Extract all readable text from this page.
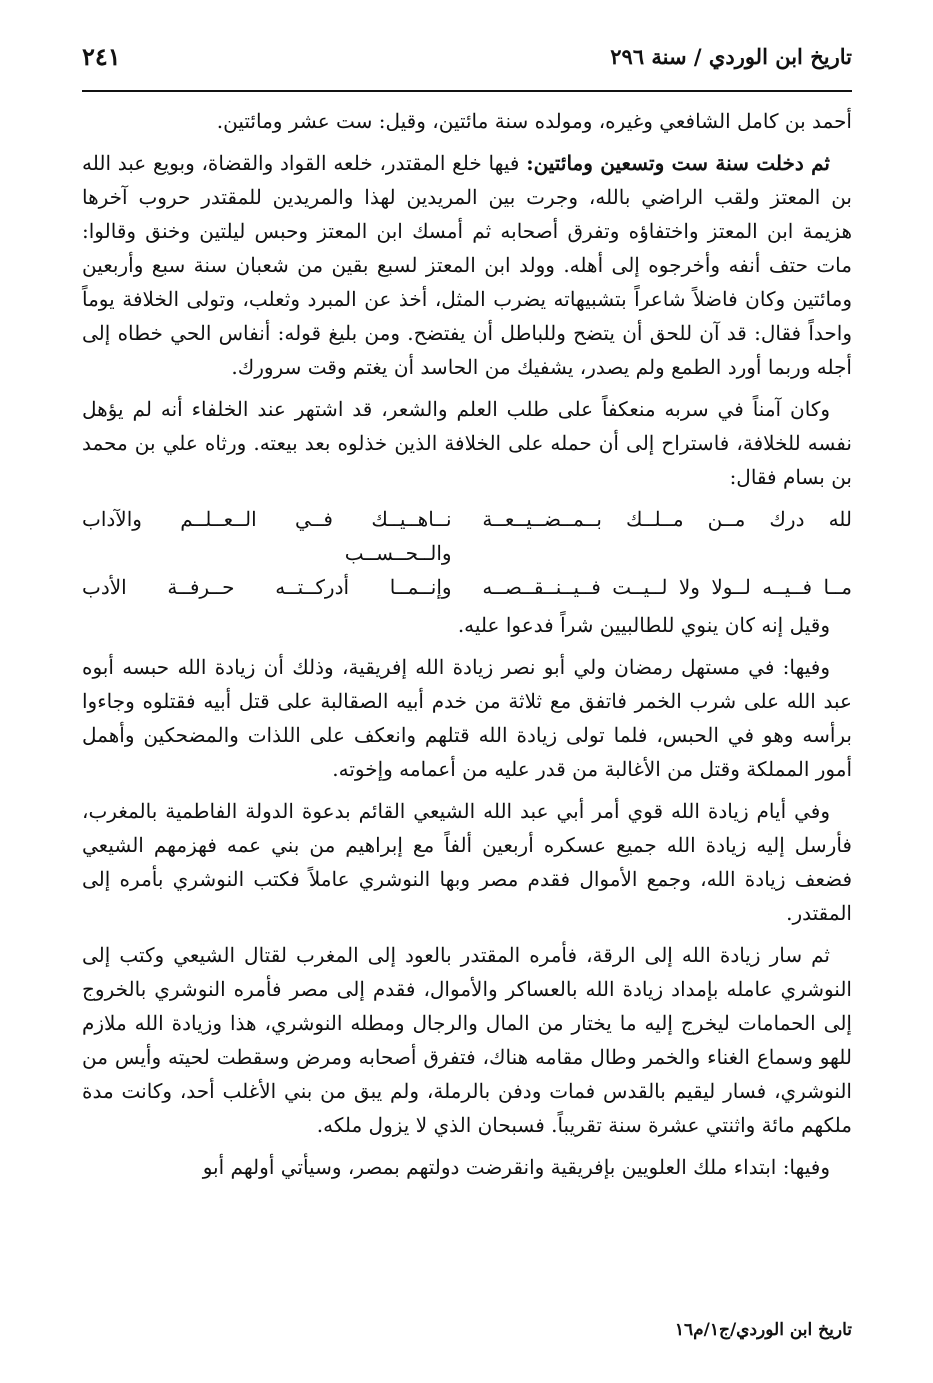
تاريخ ابن الوردي / سنة ٢٩٦
٢٤١

أحمد بن كامل الشافعي وغيره، ومولده سنة مائتين، وقيل: ست عشر ومائتين.

ثم دخلت سنة ست وتسعين ومائتين: فيها خلع المقتدر، خلعه القواد والقضاة، وبويع عبد الله بن المعتز ولقب الراضي بالله، وجرت بين المريدين لهذا والمريدين للمقتدر حروب آخرها هزيمة ابن المعتز واختفاؤه وتفرق أصحابه ثم أمسك ابن المعتز وحبس ليلتين وخنق وقالوا: مات حتف أنفه وأخرجوه إلى أهله. وولد ابن المعتز لسبع بقين من شعبان سنة سبع وأربعين ومائتين وكان فاضلاً شاعراً بتشبيهاته يضرب المثل، أخذ عن المبرد وثعلب، وتولى الخلافة يوماً واحداً فقال: قد آن للحق أن يتضح وللباطل أن يفتضح. ومن بليغ قوله: أنفاس الحي خطاه إلى أجله وربما أورد الطمع ولم يصدر، يشفيك من الحاسد أن يغتم وقت سرورك.

وكان آمناً في سربه منعكفاً على طلب العلم والشعر، قد اشتهر عند الخلفاء أنه لم يؤهل نفسه للخلافة، فاستراح إلى أن حمله على الخلافة الذين خذلوه بعد بيعته. ورثاه علي بن محمد بن بسام فقال:

لله درك مــن مــلــك بــمــضــيــعــة
نــاهــيــك فــي الــعــلــم والآداب والــحــســب
مــا فــيــه لــولا ولا لــيــت فــيــنــقــصــه
وإنــمــا أدركــتــه حــرفــة الأدب

وقيل إنه كان ينوي للطالبيين شراً فدعوا عليه.

وفيها: في مستهل رمضان ولي أبو نصر زيادة الله إفريقية، وذلك أن زيادة الله حبسه أبوه عبد الله على شرب الخمر فاتفق مع ثلاثة من خدم أبيه الصقالبة على قتل أبيه فقتلوه وجاءوا برأسه وهو في الحبس، فلما تولى زيادة الله قتلهم وانعكف على اللذات والمضحكين وأهمل أمور المملكة وقتل من الأغالبة من قدر عليه من أعمامه وإخوته.

وفي أيام زيادة الله قوي أمر أبي عبد الله الشيعي القائم بدعوة الدولة الفاطمية بالمغرب، فأرسل إليه زيادة الله جميع عسكره أربعين ألفاً مع إبراهيم من بني عمه فهزمهم الشيعي فضعف زيادة الله، وجمع الأموال فقدم مصر وبها النوشري عاملاً فكتب النوشري بأمره إلى المقتدر.

ثم سار زيادة الله إلى الرقة، فأمره المقتدر بالعود إلى المغرب لقتال الشيعي وكتب إلى النوشري عامله بإمداد زيادة الله بالعساكر والأموال، فقدم إلى مصر فأمره النوشري بالخروج إلى الحمامات ليخرج إليه ما يختار من المال والرجال ومطله النوشري، هذا وزيادة الله ملازم للهو وسماع الغناء والخمر وطال مقامه هناك، فتفرق أصحابه ومرض وسقطت لحيته وأيس من النوشري، فسار ليقيم بالقدس فمات ودفن بالرملة، ولم يبق من بني الأغلب أحد، وكانت مدة ملكهم مائة واثنتي عشرة سنة تقريباً. فسبحان الذي لا يزول ملكه.

وفيها: ابتداء ملك العلويين بإفريقية وانقرضت دولتهم بمصر، وسيأتي أولهم أبو

تاريخ ابن الوردي/ج١/م١٦
